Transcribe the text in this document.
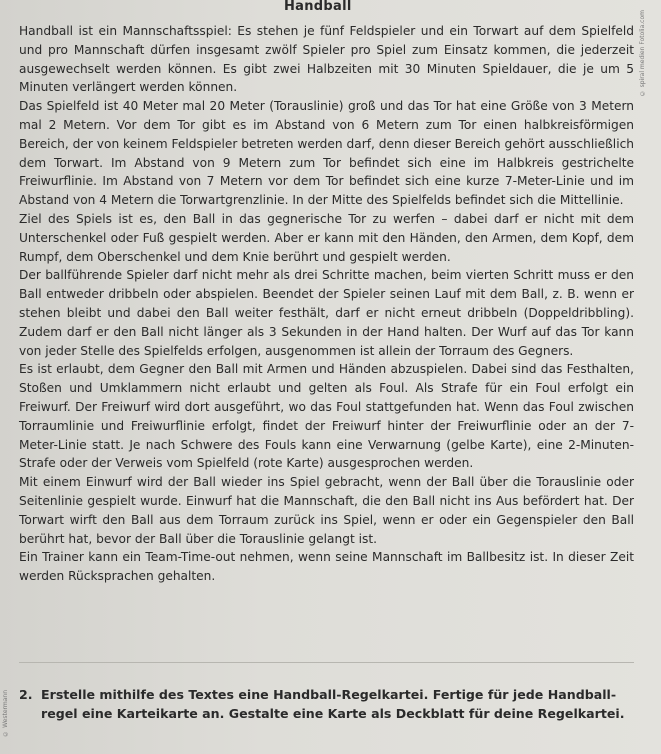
Handball
© spiral medien Fotolia.com
© Westermann

Handball ist ein Mannschaftsspiel: Es stehen je fünf Feldspieler und ein Torwart auf dem Spielfeld und pro Mannschaft dürfen insgesamt zwölf Spieler pro Spiel zum Einsatz kommen, die jederzeit ausgewechselt werden können. Es gibt zwei Halbzeiten mit 30 Minuten Spieldauer, die je um 5 Minuten verlängert werden können.

Das Spielfeld ist 40 Meter mal 20 Meter (Torauslinie) groß und das Tor hat eine Größe von 3 Metern mal 2 Metern. Vor dem Tor gibt es im Abstand von 6 Metern zum Tor einen halbkreisförmigen Bereich, der von keinem Feldspieler betreten werden darf, denn dieser Bereich gehört ausschließlich dem Torwart. Im Abstand von 9 Metern zum Tor befindet sich eine im Halbkreis gestrichelte Freiwurflinie. Im Abstand von 7 Metern vor dem Tor befindet sich eine kurze 7-Meter-Linie und im Abstand von 4 Metern die Torwartgrenzlinie. In der Mitte des Spielfelds befindet sich die Mittellinie.

Ziel des Spiels ist es, den Ball in das gegnerische Tor zu werfen – dabei darf er nicht mit dem Unterschenkel oder Fuß gespielt werden. Aber er kann mit den Händen, den Armen, dem Kopf, dem Rumpf, dem Oberschenkel und dem Knie berührt und gespielt werden.

Der ballführende Spieler darf nicht mehr als drei Schritte machen, beim vierten Schritt muss er den Ball entweder dribbeln oder abspielen. Beendet der Spieler seinen Lauf mit dem Ball, z. B. wenn er stehen bleibt und dabei den Ball weiter festhält, darf er nicht erneut dribbeln (Doppeldribbling). Zudem darf er den Ball nicht länger als 3 Sekunden in der Hand halten. Der Wurf auf das Tor kann von jeder Stelle des Spielfelds erfolgen, ausgenommen ist allein der Torraum des Gegners.

Es ist erlaubt, dem Gegner den Ball mit Armen und Händen abzuspielen. Dabei sind das Festhalten, Stoßen und Umklammern nicht erlaubt und gelten als Foul. Als Strafe für ein Foul erfolgt ein Freiwurf. Der Freiwurf wird dort ausgeführt, wo das Foul stattgefunden hat. Wenn das Foul zwischen Torraumlinie und Freiwurflinie erfolgt, findet der Freiwurf hinter der Freiwurflinie oder an der 7-Meter-Linie statt. Je nach Schwere des Fouls kann eine Verwarnung (gelbe Karte), eine 2-Minuten-Strafe oder der Verweis vom Spielfeld (rote Karte) ausgesprochen werden.

Mit einem Einwurf wird der Ball wieder ins Spiel gebracht, wenn der Ball über die Torauslinie oder Seitenlinie gespielt wurde. Einwurf hat die Mannschaft, die den Ball nicht ins Aus befördert hat. Der Torwart wirft den Ball aus dem Torraum zurück ins Spiel, wenn er oder ein Gegenspieler den Ball berührt hat, bevor der Ball über die Torauslinie gelangt ist.

Ein Trainer kann ein Team-Time-out nehmen, wenn seine Mannschaft im Ballbesitz ist. In dieser Zeit werden Rücksprachen gehalten.

2. Erstelle mithilfe des Textes eine Handball-Regelkartei. Fertige für jede Handballregel eine Karteikarte an. Gestalte eine Karte als Deckblatt für deine Regelkartei.
